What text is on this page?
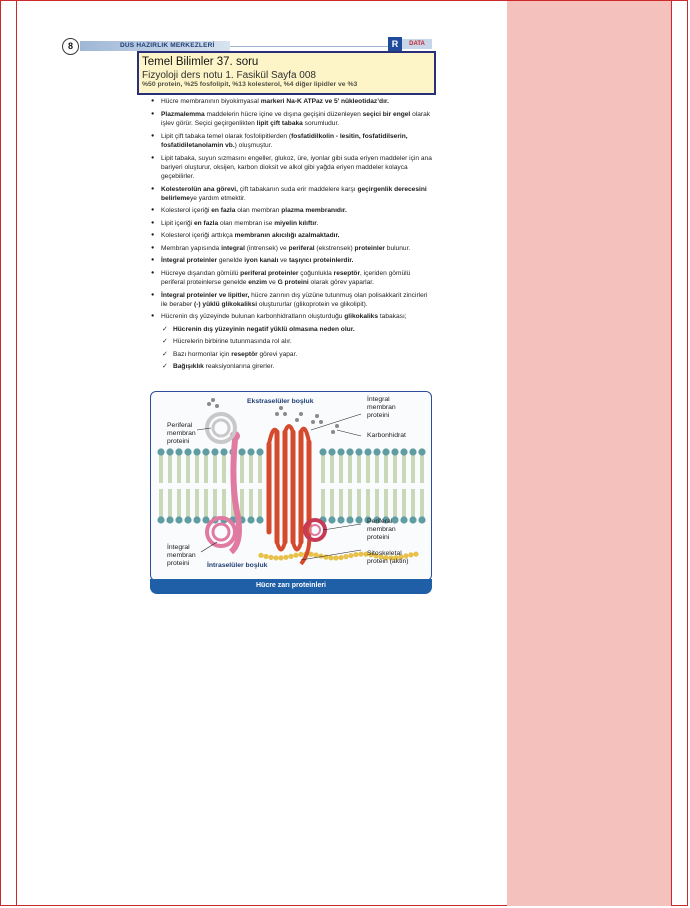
8	DUS HAZIRLIK MERKEZLERİ	R	DATA
● Hücre membranının biyokimyasal markeri Na-K ATPaz ve 5’ nükleotidaz’dır.
● Plazmalemma maddelerin hücre içine ve dışına geçişini düzenleyen seçici bir engel olarak işlev görür. Seçici geçirgenlikten lipit çift tabaka sorumludur.
● Lipit çift tabaka temel olarak fosfolipitlerden (fosfatidilkolin - lesitin, fosfatidilserin, fosfatidiletanolamin vb.) oluşmuştur.
● Lipit tabaka, suyun sızmasını engeller, glukoz, üre, iyonlar gibi suda eriyen maddeler için ana bariyeri oluşturur, oksijen, karbon dioksit ve alkol gibi yağda eriyen maddeler kolayca geçebilirler.
● Kolesterolün ana görevi, çift tabakanın suda erir maddelere karşı geçirgenlik derecesini belirlemeye yardım etmektir.
● Kolesterol içeriği en fazla olan membran plazma membranıdır.
● Lipit içeriği en fazla olan membran ise miyelin kılıftır.
● Kolesterol içeriği arttıkça membranın akıcılığı azalmaktadır.
● Membran yapısında integral (intrensek) ve periferal (ekstrensek) proteinler bulunur.
● İntegral proteinler genelde iyon kanalı ve taşıyıcı proteinlerdir.
● Hücreye dışarıdan gömülü periferal proteinler çoğunlukla reseptör, içeriden gömülü periferal proteinlerse genelde enzim ve G proteini olarak görev yaparlar.
● İntegral proteinler ve lipitler, hücre zarının dış yüzüne tutunmuş olan polisakkarit zincirleri ile beraber (-) yüklü glikokaliksi oluştururlar (glikoprotein ve glikolipit).
● Hücrenin dış yüzeyinde bulunan karbonhidratların oluşturduğu glikokaliks tabakası;
✓ Hücrenin dış yüzeyinin negatif yüklü olmasına neden olur.
✓ Hücrelerin birbirine tutunmasında rol alır.
✓ Bazı hormonlar için reseptör görevi yapar.
✓ Bağışıklık reaksiyonlarına girerler.
Temel Bilimler 37. soru
Fizyoloji ders notu 1. Fasikül Sayfa 008
%50 protein, %25 fosfolipit, %13 kolesterol, %4 diğer lipidler ve %3
Ekstraselüler boşluk
İntraselüler boşluk
Periferal
membran
proteini
İntegral
membran
proteini
Karbonhidrat
Periferal
membran
proteini
İntegral
membran
proteini
Sitoskeletal
protein (aktin)
Hücre zarı proteinleri
